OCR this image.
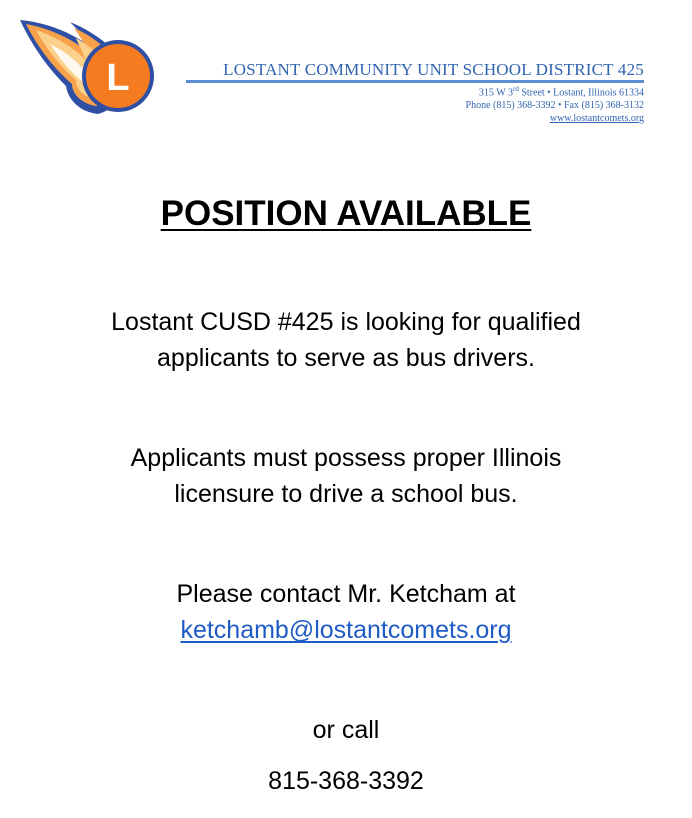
L	LOSTANT COMMUNITY UNIT SCHOOL DISTRICT 425
315 W 3rd Street • Lostant, Illinois 61334
Phone (815) 368-3392 • Fax (815) 368-3132
www.lostantcomets.org
POSITION AVAILABLE
Lostant CUSD #425 is looking for qualified
applicants to serve as bus drivers.
Applicants must possess proper Illinois
licensure to drive a school bus.
Please contact Mr. Ketcham at
ketchamb@lostantcomets.org
or call
815-368-3392
